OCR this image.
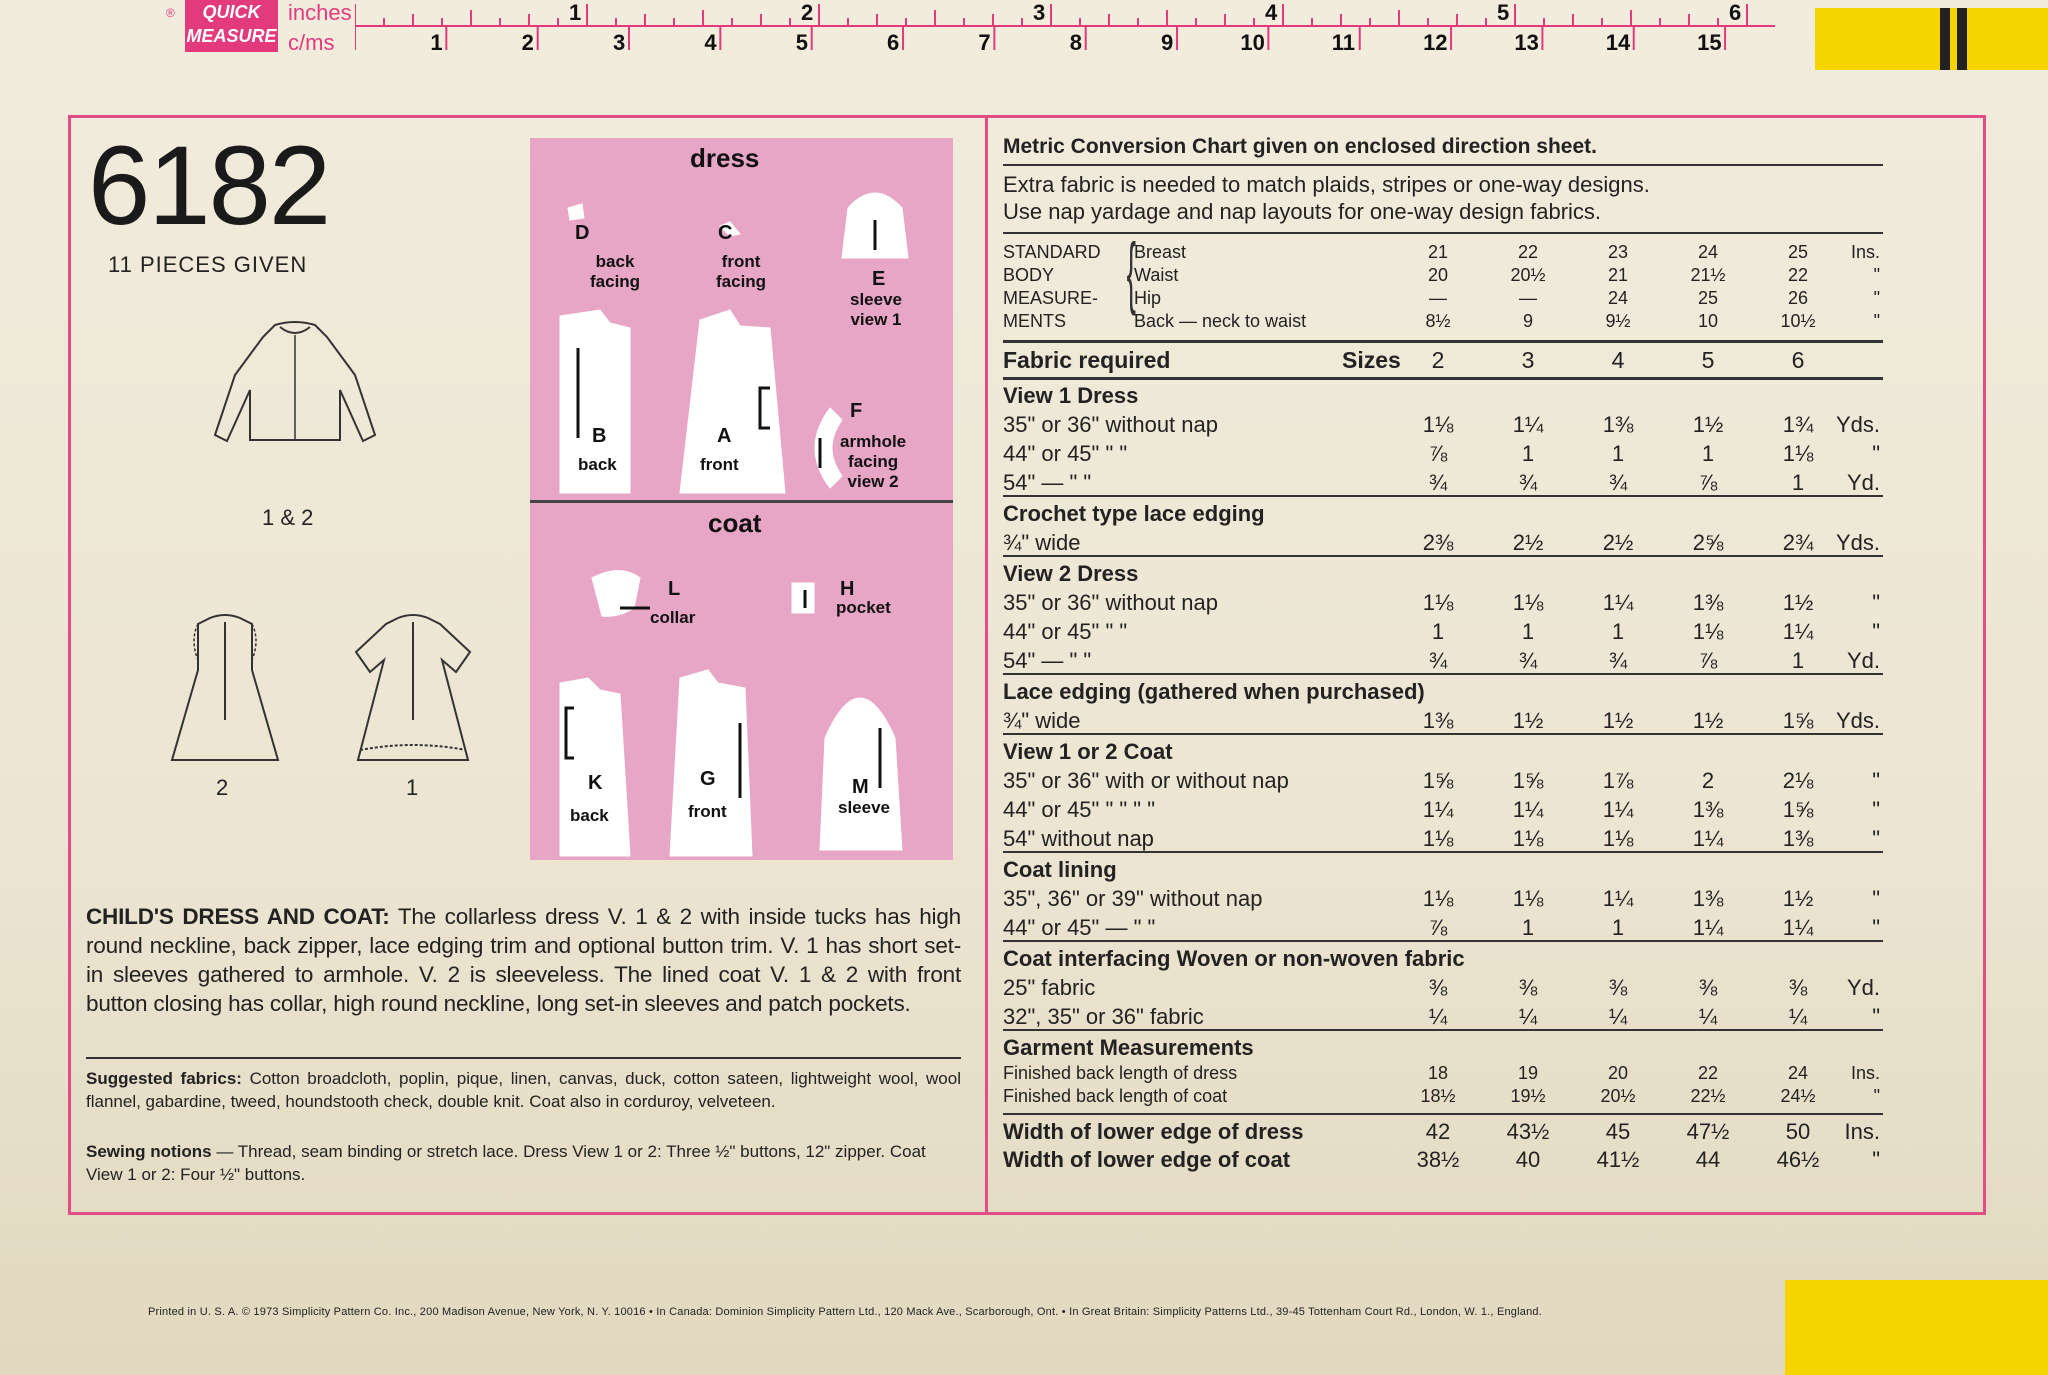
®	QUICK
MEASURE
inches
c/ms
1	2	3	4	5	6
1	2	3	4	5	6	7	8	9	10	11	12	13	14	15
6182
11 PIECES GIVEN
1 & 2
2	1
dress
coat
D
back
facing
C
front
facing	E
sleeve
view 1
B
back
A
front
F
armhole
facing
view 2
L
collar
H
pocket
K
back
G
front
M
sleeve
CHILD'S DRESS AND COAT: The collarless dress V. 1 & 2 with inside tucks has high round neckline, back zipper, lace edging trim and optional button trim. V. 1 has short set-in sleeves gathered to armhole. V. 2 is sleeveless. The lined coat V. 1 & 2 with front button closing has collar, high round neckline, long set-in sleeves and patch pockets.
Suggested fabrics: Cotton broadcloth, poplin, pique, linen, canvas, duck, cotton sateen, lightweight wool, wool flannel, gabardine, tweed, houndstooth check, double knit. Coat also in corduroy, velveteen.
Sewing notions — Thread, seam binding or stretch lace. Dress View 1 or 2: Three ½" buttons, 12" zipper. Coat View 1 or 2: Four ½" buttons.
Metric Conversion Chart given on enclosed direction sheet.
Extra fabric is needed to match plaids, stripes or one-way designs.
Use nap yardage and nap layouts for one-way design fabrics.
STANDARD
BODY
MEASURE-
MENTS
{
Breast	21	22	23	24	25	Ins.
Waist	20	20½	21	21½	22	"
Hip	—	—	24	25	26	"
Back — neck to waist	8½	9	9½	10	10½	"
Fabric required	Sizes	2	3	4	5	6
View 1 Dress
35" or 36" without nap	1⅛	1¼	1⅜	1½	1¾	Yds.
44" or 45" " "	⅞	1	1	1	1⅛	"
54" — " "	¾	¾	¾	⅞	1	Yd.
Crochet type lace edging
¾" wide	2⅜	2½	2½	2⅝	2¾	Yds.
View 2 Dress
35" or 36" without nap	1⅛	1⅛	1¼	1⅜	1½	"
44" or 45" " "	1	1	1	1⅛	1¼	"
54" — " "	¾	¾	¾	⅞	1	Yd.
Lace edging (gathered when purchased)
¾" wide	1⅜	1½	1½	1½	1⅝	Yds.
View 1 or 2 Coat
35" or 36" with or without nap	1⅝	1⅝	1⅞	2	2⅛	"
44" or 45" " " " "	1¼	1¼	1¼	1⅜	1⅝	"
54" without nap	1⅛	1⅛	1⅛	1¼	1⅜	"
Coat lining
35", 36" or 39" without nap	1⅛	1⅛	1¼	1⅜	1½	"
44" or 45" — " "	⅞	1	1	1¼	1¼	"
Coat interfacing Woven or non-woven fabric
25" fabric	⅜	⅜	⅜	⅜	⅜	Yd.
32", 35" or 36" fabric	¼	¼	¼	¼	¼	"
Garment Measurements
Finished back length of dress	18	19	20	22	24	Ins.
Finished back length of coat	18½	19½	20½	22½	24½	"
Width of lower edge of dress	42	43½	45	47½	50	Ins.
Width of lower edge of coat	38½	40	41½	44	46½	"
Printed in U. S. A. © 1973 Simplicity Pattern Co. Inc., 200 Madison Avenue, New York, N. Y. 10016 • In Canada: Dominion Simplicity Pattern Ltd., 120 Mack Ave., Scarborough, Ont. • In Great Britain: Simplicity Patterns Ltd., 39-45 Tottenham Court Rd., London, W. 1., England.
